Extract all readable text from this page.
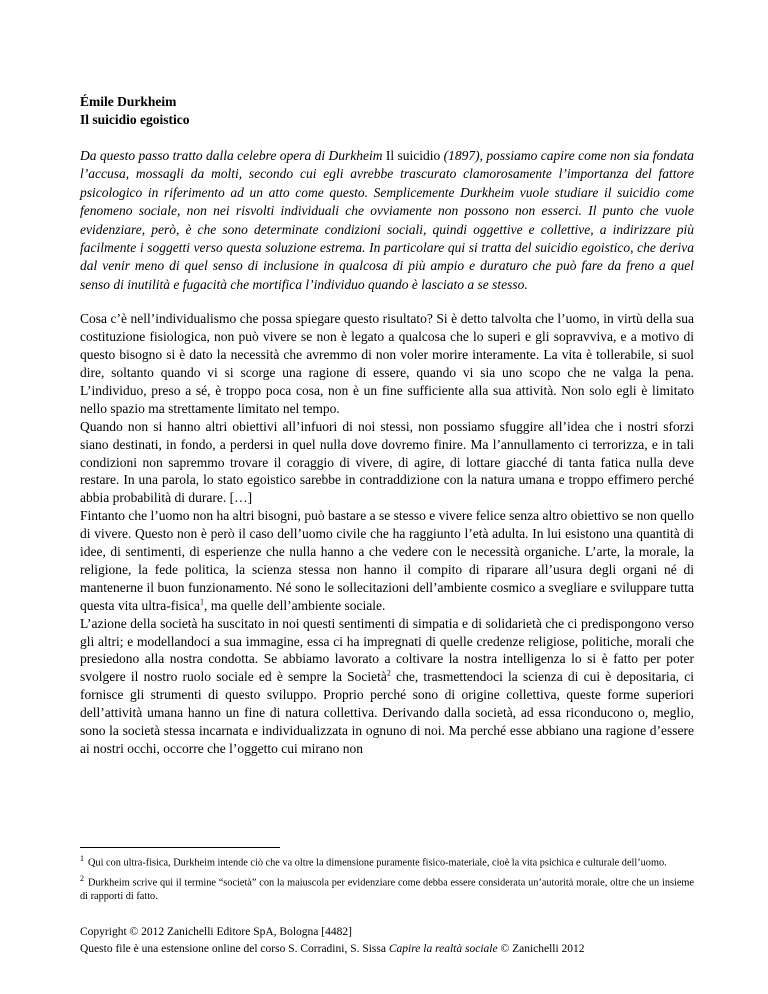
Émile Durkheim
Il suicidio egoistico
Da questo passo tratto dalla celebre opera di Durkheim Il suicidio (1897), possiamo capire come non sia fondata l’accusa, mossagli da molti, secondo cui egli avrebbe trascurato clamorosamente l’importanza del fattore psicologico in riferimento ad un atto come questo. Semplicemente Durkheim vuole studiare il suicidio come fenomeno sociale, non nei risvolti individuali che ovviamente non possono non esserci. Il punto che vuole evidenziare, però, è che sono determinate condizioni sociali, quindi oggettive e collettive, a indirizzare più facilmente i soggetti verso questa soluzione estrema. In particolare qui si tratta del suicidio egoistico, che deriva dal venir meno di quel senso di inclusione in qualcosa di più ampio e duraturo che può fare da freno a quel senso di inutilità e fugacità che mortifica l’individuo quando è lasciato a se stesso.

Cosa c’è nell’individualismo che possa spiegare questo risultato? Si è detto talvolta che l’uomo, in virtù della sua costituzione fisiologica, non può vivere se non è legato a qualcosa che lo superi e gli sopravviva, e a motivo di questo bisogno si è dato la necessità che avremmo di non voler morire interamente. La vita è tollerabile, si suol dire, soltanto quando vi si scorge una ragione di essere, quando vi sia uno scopo che ne valga la pena. L’individuo, preso a sé, è troppo poca cosa, non è un fine sufficiente alla sua attività. Non solo egli è limitato nello spazio ma strettamente limitato nel tempo.

Quando non si hanno altri obiettivi all’infuori di noi stessi, non possiamo sfuggire all’idea che i nostri sforzi siano destinati, in fondo, a perdersi in quel nulla dove dovremo finire. Ma l’annullamento ci terrorizza, e in tali condizioni non sapremmo trovare il coraggio di vivere, di agire, di lottare giacché di tanta fatica nulla deve restare. In una parola, lo stato egoistico sarebbe in contraddizione con la natura umana e troppo effimero perché abbia probabilità di durare. […]

Fintanto che l’uomo non ha altri bisogni, può bastare a se stesso e vivere felice senza altro obiettivo se non quello di vivere. Questo non è però il caso dell’uomo civile che ha raggiunto l’età adulta. In lui esistono una quantità di idee, di sentimenti, di esperienze che nulla hanno a che vedere con le necessità organiche. L’arte, la morale, la religione, la fede politica, la scienza stessa non hanno il compito di riparare all’usura degli organi né di mantenerne il buon funzionamento. Né sono le sollecitazioni dell’ambiente cosmico a svegliare e sviluppare tutta questa vita ultra-fisica$^1$, ma quelle dell’ambiente sociale.

L’azione della società ha suscitato in noi questi sentimenti di simpatia e di solidarietà che ci predispongono verso gli altri; e modellandoci a sua immagine, essa ci ha impregnati di quelle credenze religiose, politiche, morali che presiedono alla nostra condotta. Se abbiamo lavorato a coltivare la nostra intelligenza lo si è fatto per poter svolgere il nostro ruolo sociale ed è sempre la Società$^2$ che, trasmettendoci la scienza di cui è depositaria, ci fornisce gli strumenti di questo sviluppo. Proprio perché sono di origine collettiva, queste forme superiori dell’attività umana hanno un fine di natura collettiva. Derivando dalla società, ad essa riconducono o, meglio, sono la società stessa incarnata e individualizzata in ognuno di noi. Ma perché esse abbiano una ragione d’essere ai nostri occhi, occorre che l’oggetto cui mirano non

$^1$ Qui con ultra-fisica, Durkheim intende ciò che va oltre la dimensione puramente fisico-materiale, cioè la vita psichica e culturale dell’uomo.

$^2$ Durkheim scrive qui il termine “società” con la maiuscola per evidenziare come debba essere considerata un’autorità morale, oltre che un insieme di rapporti di fatto.

Copyright © 2012 Zanichelli Editore SpA, Bologna [4482]
Questo file è una estensione online del corso S. Corradini, S. Sissa Capire la realtà sociale © Zanichelli 2012
